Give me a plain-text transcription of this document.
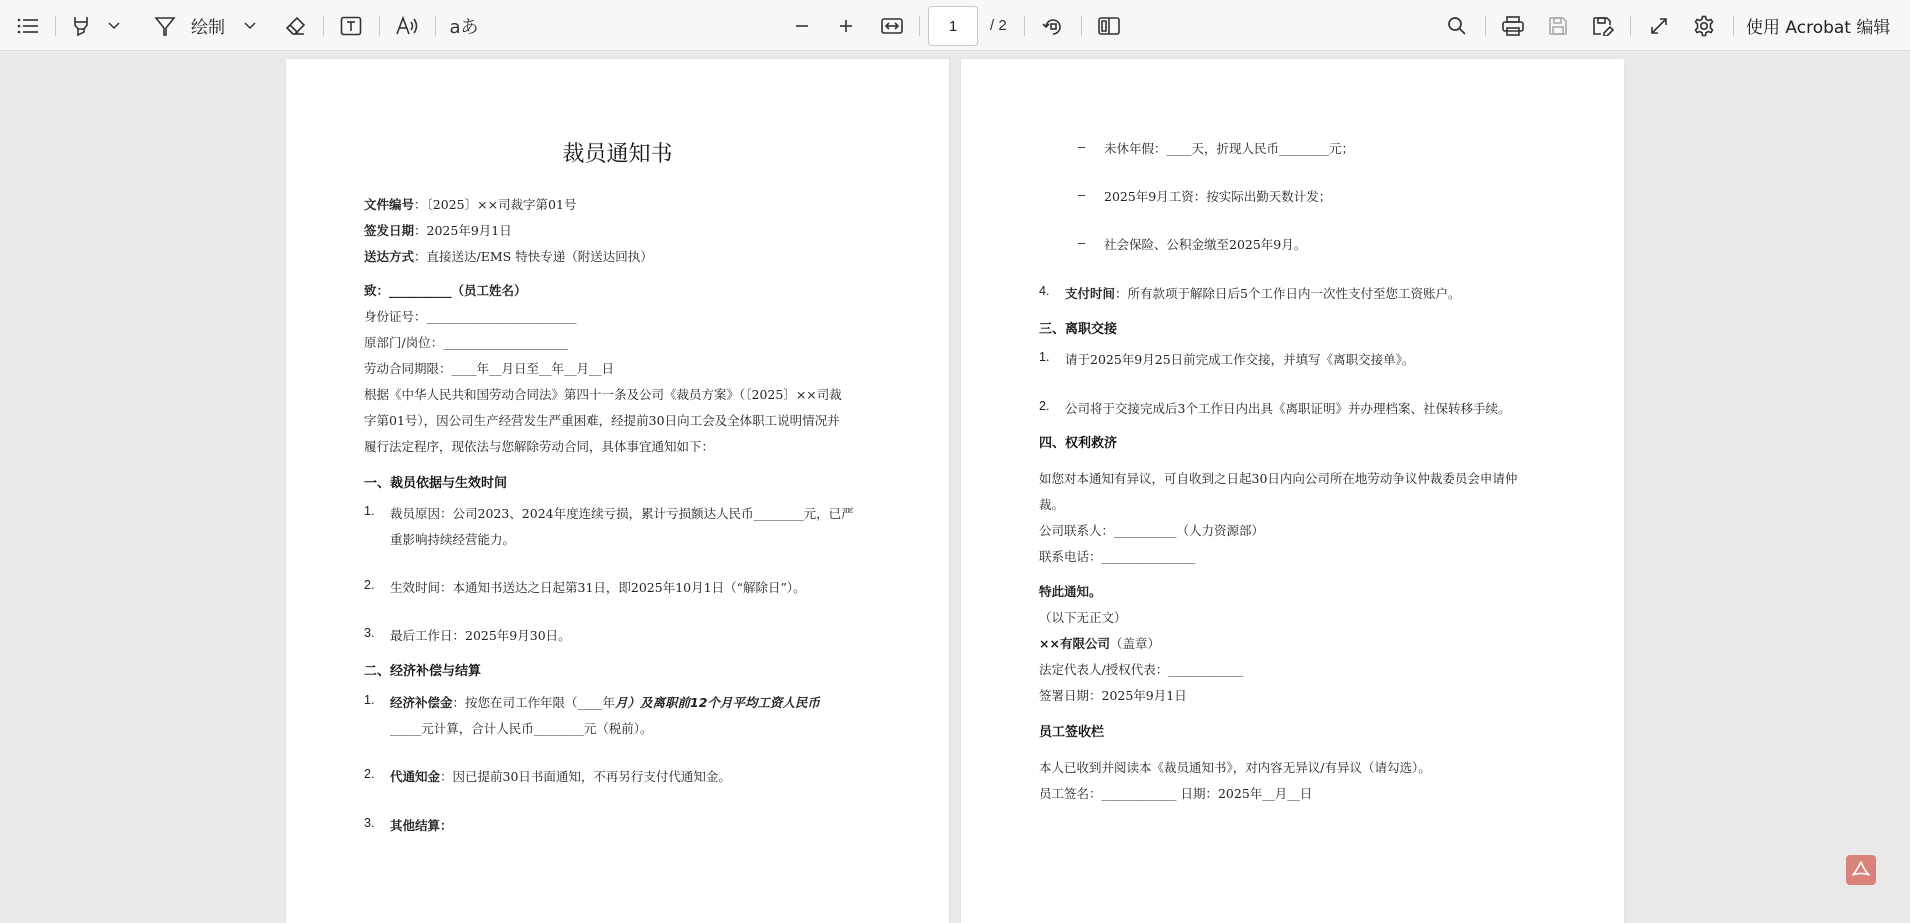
绘制	aあ
1	/ 2	使用 Acrobat 编辑
裁员通知书
文件编号：〔2025〕××司裁字第01号
签发日期：2025年9月1日
送达方式：直接送达/EMS 特快专递（附送达回执）
致：__________（员工姓名）
身份证号：________________________
原部门/岗位：____________________
劳动合同期限：____年__月日至__年__月__日
根据《中华人民共和国劳动合同法》第四十一条及公司《裁员方案》（〔2025〕××司裁
字第01号），因公司生产经营发生严重困难，经提前30日向工会及全体职工说明情况并
履行法定程序，现依法与您解除劳动合同，具体事宜通知如下：
一、裁员依据与生效时间
1. 裁员原因：公司2023、2024年度连续亏损，累计亏损额达人民币________元，已严
重影响持续经营能力。
2. 生效时间：本通知书送达之日起第31日，即2025年10月1日（“解除日”）。
3. 最后工作日：2025年9月30日。
二、经济补偿与结算
1. 经济补偿金：按您在司工作年限（____年月）及离职前12个月平均工资人民币
_____元计算，合计人民币________元（税前）。
2. 代通知金：因已提前30日书面通知，不再另行支付代通知金。
3. 其他结算：
– 未休年假：____天，折现人民币________元；
– 2025年9月工资：按实际出勤天数计发；
– 社会保险、公积金缴至2025年9月。
4. 支付时间：所有款项于解除日后5个工作日内一次性支付至您工资账户。
三、离职交接
1. 请于2025年9月25日前完成工作交接，并填写《离职交接单》。
2. 公司将于交接完成后3个工作日内出具《离职证明》并办理档案、社保转移手续。
四、权利救济
如您对本通知有异议，可自收到之日起30日内向公司所在地劳动争议仲裁委员会申请仲
裁。
公司联系人：__________（人力资源部）
联系电话：_______________
特此通知。
（以下无正文）
××有限公司（盖章）
法定代表人/授权代表：____________
签署日期：2025年9月1日
员工签收栏
本人已收到并阅读本《裁员通知书》，对内容无异议/有异议（请勾选）。
员工签名：____________ 日期：2025年__月__日
